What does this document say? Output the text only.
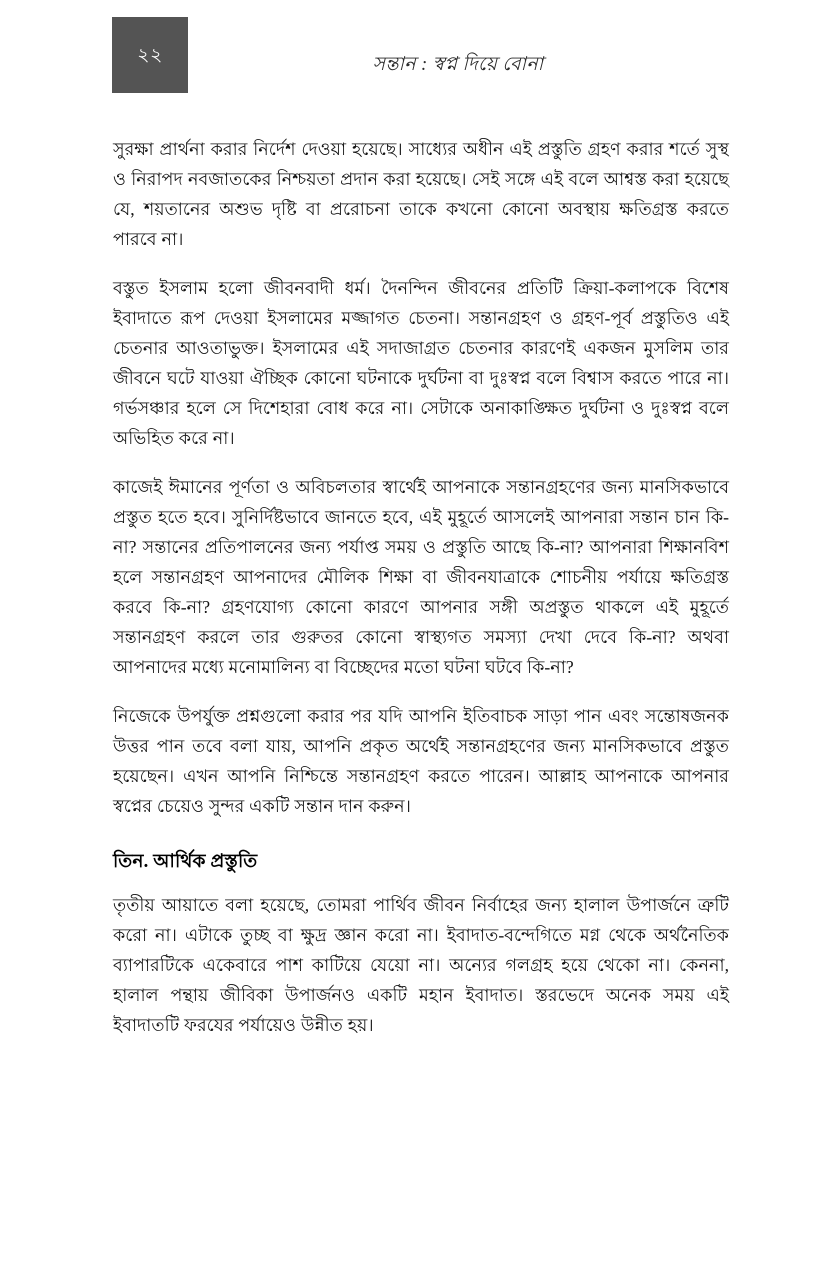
২২	সন্তান : স্বপ্ন দিয়ে বোনা

সুরক্ষা প্রার্থনা করার নির্দেশ দেওয়া হয়েছে। সাধ্যের অধীন এই প্রস্তুতি গ্রহণ করার শর্তে সুস্থ ও নিরাপদ নবজাতকের নিশ্চয়তা প্রদান করা হয়েছে। সেই সঙ্গে এই বলে আশ্বস্ত করা হয়েছে যে, শয়তানের অশুভ দৃষ্টি বা প্ররোচনা তাকে কখনো কোনো অবস্থায় ক্ষতিগ্রস্ত করতে পারবে না।

বস্তুত ইসলাম হলো জীবনবাদী ধর্ম। দৈনন্দিন জীবনের প্রতিটি ক্রিয়া-কলাপকে বিশেষ ইবাদাতে রূপ দেওয়া ইসলামের মজ্জাগত চেতনা। সন্তানগ্রহণ ও গ্রহণ-পূর্ব প্রস্তুতিও এই চেতনার আওতাভুক্ত। ইসলামের এই সদাজাগ্রত চেতনার কারণেই একজন মুসলিম তার জীবনে ঘটে যাওয়া ঐচ্ছিক কোনো ঘটনাকে দুর্ঘটনা বা দুঃস্বপ্ন বলে বিশ্বাস করতে পারে না। গর্ভসঞ্চার হলে সে দিশেহারা বোধ করে না। সেটাকে অনাকাঙ্ক্ষিত দুর্ঘটনা ও দুঃস্বপ্ন বলে অভিহিত করে না।

কাজেই ঈমানের পূর্ণতা ও অবিচলতার স্বার্থেই আপনাকে সন্তানগ্রহণের জন্য মানসিকভাবে প্রস্তুত হতে হবে। সুনির্দিষ্টভাবে জানতে হবে, এই মুহূর্তে আসলেই আপনারা সন্তান চান কি-না? সন্তানের প্রতিপালনের জন্য পর্যাপ্ত সময় ও প্রস্তুতি আছে কি-না? আপনারা শিক্ষানবিশ হলে সন্তানগ্রহণ আপনাদের মৌলিক শিক্ষা বা জীবনযাত্রাকে শোচনীয় পর্যায়ে ক্ষতিগ্রস্ত করবে কি-না? গ্রহণযোগ্য কোনো কারণে আপনার সঙ্গী অপ্রস্তুত থাকলে এই মুহূর্তে সন্তানগ্রহণ করলে তার গুরুতর কোনো স্বাস্থ্যগত সমস্যা দেখা দেবে কি-না? অথবা আপনাদের মধ্যে মনোমালিন্য বা বিচ্ছেদের মতো ঘটনা ঘটবে কি-না?

নিজেকে উপর্যুক্ত প্রশ্নগুলো করার পর যদি আপনি ইতিবাচক সাড়া পান এবং সন্তোষজনক উত্তর পান তবে বলা যায়, আপনি প্রকৃত অর্থেই সন্তানগ্রহণের জন্য মানসিকভাবে প্রস্তুত হয়েছেন। এখন আপনি নিশ্চিন্তে সন্তানগ্রহণ করতে পারেন। আল্লাহ আপনাকে আপনার স্বপ্নের চেয়েও সুন্দর একটি সন্তান দান করুন।

তিন. আর্থিক প্রস্তুতি

তৃতীয় আয়াতে বলা হয়েছে, তোমরা পার্থিব জীবন নির্বাহের জন্য হালাল উপার্জনে ত্রুটি করো না। এটাকে তুচ্ছ বা ক্ষুদ্র জ্ঞান করো না। ইবাদাত-বন্দেগিতে মগ্ন থেকে অর্থনৈতিক ব্যাপারটিকে একেবারে পাশ কাটিয়ে যেয়ো না। অন্যের গলগ্রহ হয়ে থেকো না। কেননা, হালাল পন্থায় জীবিকা উপার্জনও একটি মহান ইবাদাত। স্তরভেদে অনেক সময় এই ইবাদাতটি ফরযের পর্যায়েও উন্নীত হয়।
